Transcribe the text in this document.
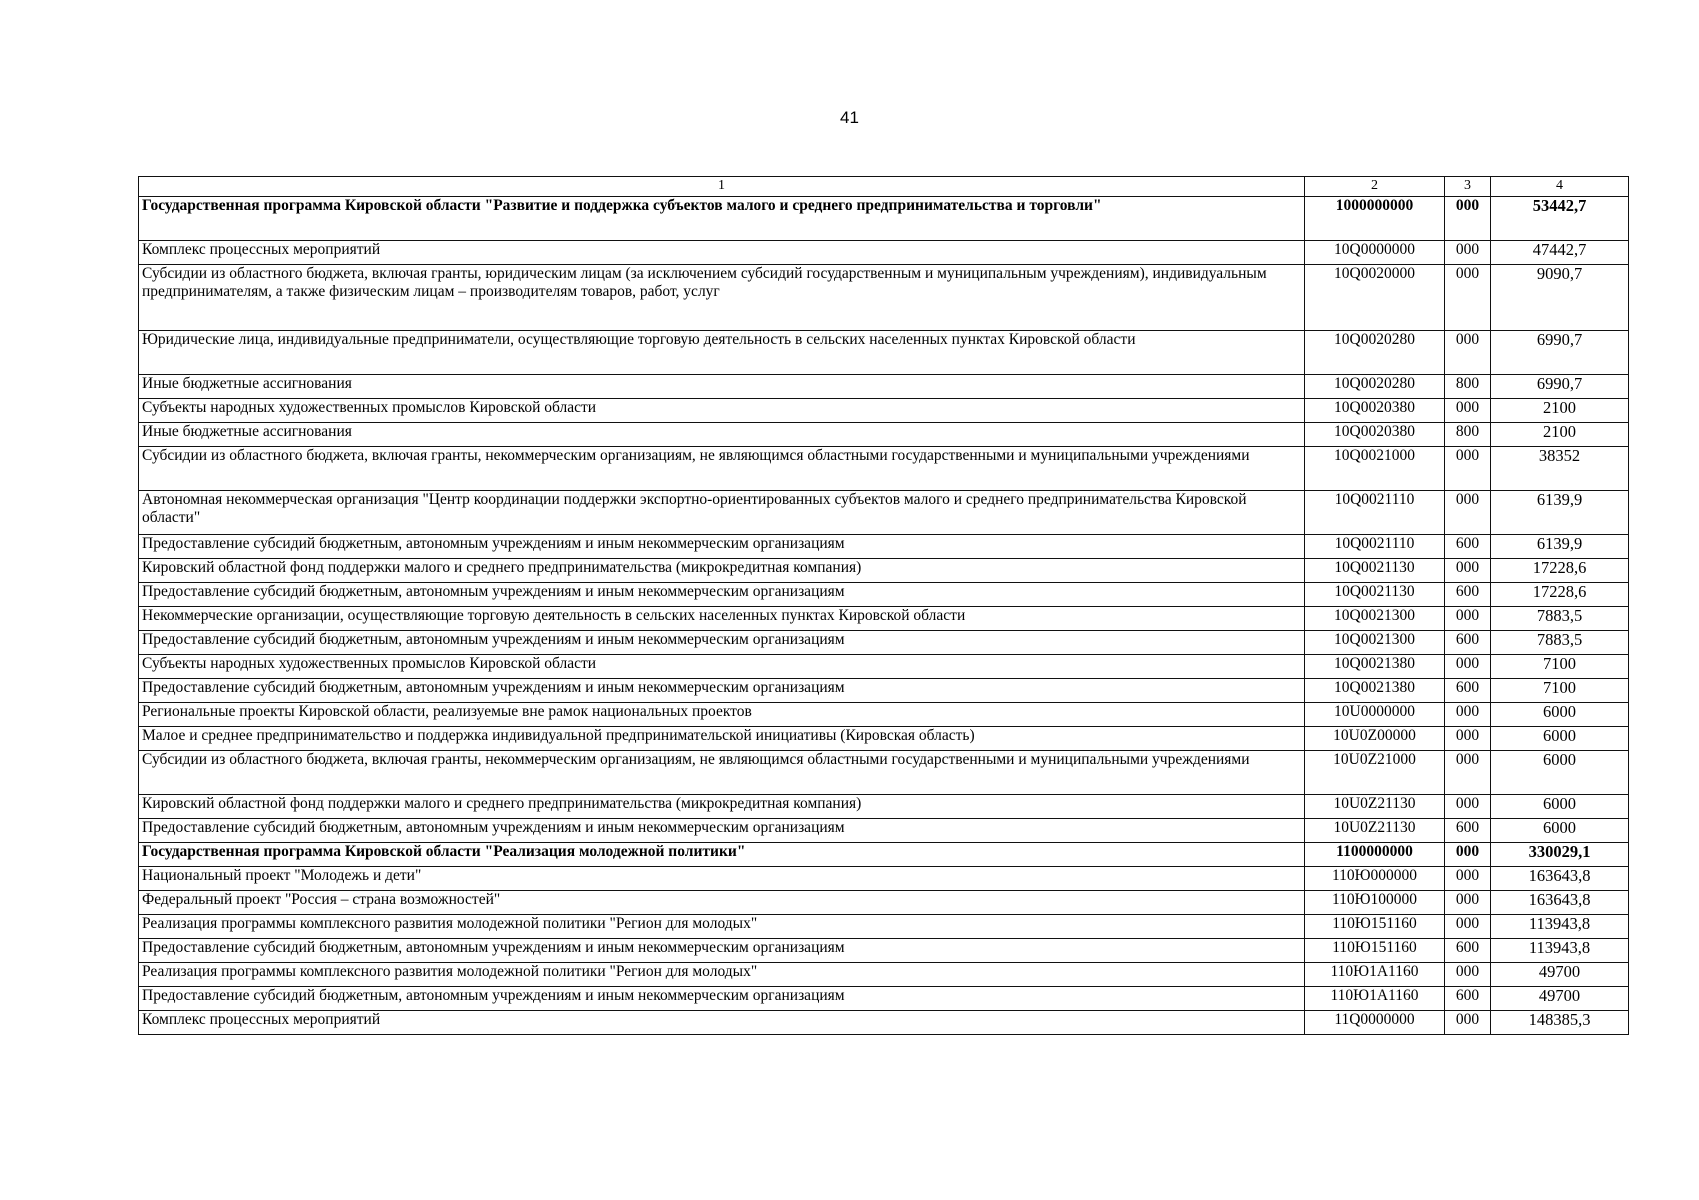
41
1	2	3	4
Государственная программа Кировской области "Развитие и поддержка субъектов малого и среднего предпринимательства и торговли"	1000000000	000	53442,7
Комплекс процессных мероприятий	10Q0000000	000	47442,7
Субсидии из областного бюджета, включая гранты, юридическим лицам (за исключением субсидий государственным и муниципальным учреждениям), индивидуальным предпринимателям, а также физическим лицам – производителям товаров, работ, услуг	10Q0020000	000	9090,7
Юридические лица, индивидуальные предприниматели, осуществляющие торговую деятельность в сельских населенных пунктах Кировской области	10Q0020280	000	6990,7
Иные бюджетные ассигнования	10Q0020280	800	6990,7
Субъекты народных художественных промыслов Кировской области	10Q0020380	000	2100
Иные бюджетные ассигнования	10Q0020380	800	2100
Субсидии из областного бюджета, включая гранты, некоммерческим организациям, не являющимся областными государственными и муниципальными учреждениями	10Q0021000	000	38352
Автономная некоммерческая организация "Центр координации поддержки экспортно-ориентированных субъектов малого и среднего предпринимательства Кировской области"	10Q0021110	000	6139,9
Предоставление субсидий бюджетным, автономным учреждениям и иным некоммерческим организациям	10Q0021110	600	6139,9
Кировский областной фонд поддержки малого и среднего предпринимательства (микрокредитная компания)	10Q0021130	000	17228,6
Предоставление субсидий бюджетным, автономным учреждениям и иным некоммерческим организациям	10Q0021130	600	17228,6
Некоммерческие организации, осуществляющие торговую деятельность в сельских населенных пунктах Кировской области	10Q0021300	000	7883,5
Предоставление субсидий бюджетным, автономным учреждениям и иным некоммерческим организациям	10Q0021300	600	7883,5
Субъекты народных художественных промыслов Кировской области	10Q0021380	000	7100
Предоставление субсидий бюджетным, автономным учреждениям и иным некоммерческим организациям	10Q0021380	600	7100
Региональные проекты Кировской области, реализуемые вне рамок национальных проектов	10U0000000	000	6000
Малое и среднее предпринимательство и поддержка индивидуальной предпринимательской инициативы (Кировская область)	10U0Z00000	000	6000
Субсидии из областного бюджета, включая гранты, некоммерческим организациям, не являющимся областными государственными и муниципальными учреждениями	10U0Z21000	000	6000
Кировский областной фонд поддержки малого и среднего предпринимательства (микрокредитная компания)	10U0Z21130	000	6000
Предоставление субсидий бюджетным, автономным учреждениям и иным некоммерческим организациям	10U0Z21130	600	6000
Государственная программа Кировской области "Реализация молодежной политики"	1100000000	000	330029,1
Национальный проект "Молодежь и дети"	110Ю000000	000	163643,8
Федеральный проект "Россия – страна возможностей"	110Ю100000	000	163643,8
Реализация программы комплексного развития молодежной политики "Регион для молодых"	110Ю151160	000	113943,8
Предоставление субсидий бюджетным, автономным учреждениям и иным некоммерческим организациям	110Ю151160	600	113943,8
Реализация программы комплексного развития молодежной политики "Регион для молодых"	110Ю1А1160	000	49700
Предоставление субсидий бюджетным, автономным учреждениям и иным некоммерческим организациям	110Ю1А1160	600	49700
Комплекс процессных мероприятий	11Q0000000	000	148385,3
